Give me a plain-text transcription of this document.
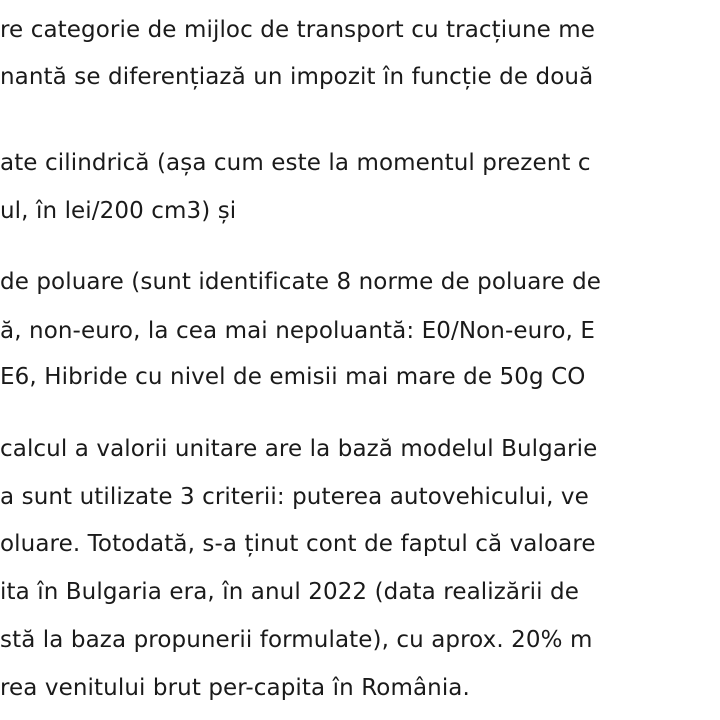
re categorie de mijloc de transport cu tracțiune me
nantă se diferențiază un impozit în funcție de două
ate cilindrică (așa cum este la momentul prezent c
ul, în lei/200 cm3) și
de poluare (sunt identificate 8 norme de poluare de
ă, non-euro, la cea mai nepoluantă: E0/Non-euro, E
E6, Hibride cu nivel de emisii mai mare de 50g CO
calcul a valorii unitare are la bază modelul Bulgarie
a sunt utilizate 3 criterii: puterea autovehicului, ve
oluare. Totodată, s-a ținut cont de faptul că valoare
ita în Bulgaria era, în anul 2022 (data realizării de
stă la baza propunerii formulate), cu aprox. 20% m
rea venitului brut per-capita în România.
